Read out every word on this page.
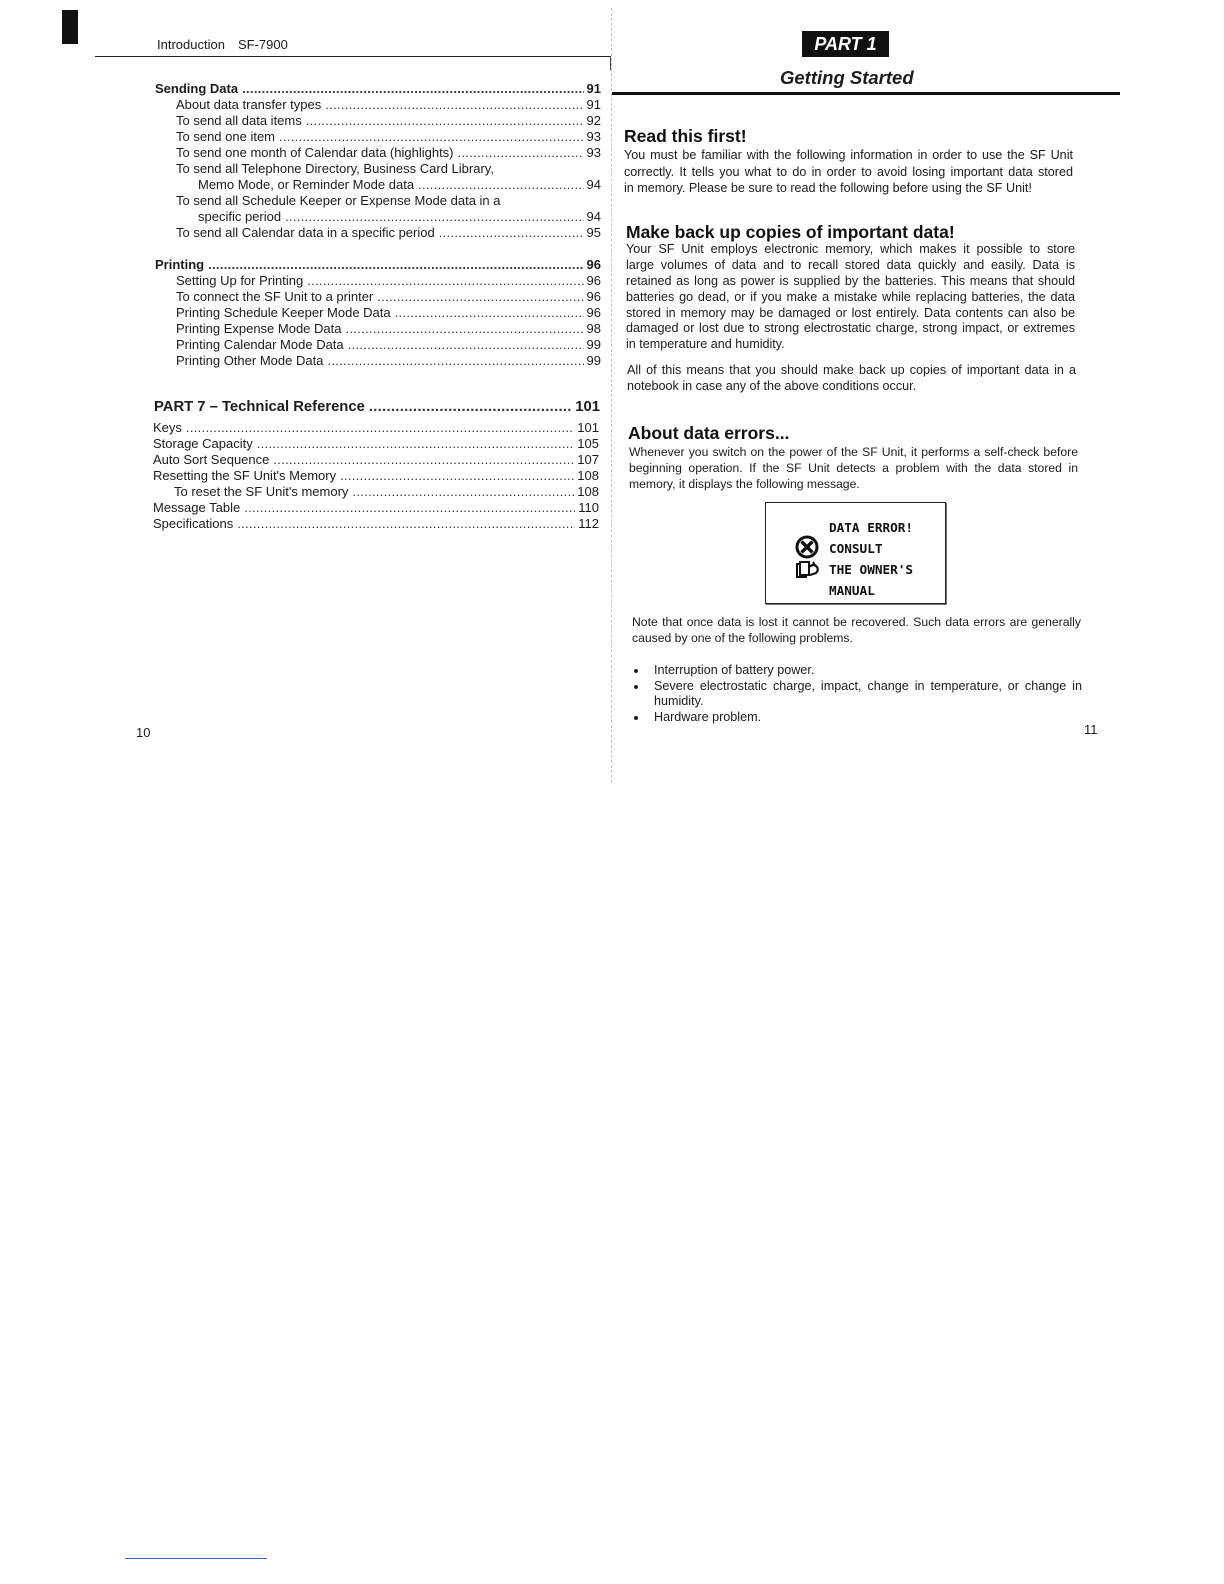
Introduction SF-7900
Sending Data .....	91
About data transfer types .....	91
To send all data items .....	92
To send one item .....	93
To send one month of Calendar data (highlights) .....	93
To send all Telephone Directory, Business Card Library,
Memo Mode, or Reminder Mode data .....	94
To send all Schedule Keeper or Expense Mode data in a
specific period .....	94
To send all Calendar data in a specific period .....	95
Printing .....	96
Setting Up for Printing .....	96
To connect the SF Unit to a printer .....	96
Printing Schedule Keeper Mode Data .....	96
Printing Expense Mode Data .....	98
Printing Calendar Mode Data .....	99
Printing Other Mode Data .....	99
PART 7 – Technical Reference .....	101
Keys .....	101
Storage Capacity .....	105
Auto Sort Sequence .....	107
Resetting the SF Unit's Memory .....	108
To reset the SF Unit's memory .....	108
Message Table .....	110
Specifications .....	112
10
PART 1
Getting Started
Read this first!
You must be familiar with the following information in order to use the SF Unit
correctly. It tells you what to do in order to avoid losing important data stored
in memory. Please be sure to read the following before using the SF Unit!
Make back up copies of important data!
Your SF Unit employs electronic memory, which makes it possible to store
large volumes of data and to recall stored data quickly and easily. Data is
retained as long as power is supplied by the batteries. This means that should
batteries go dead, or if you make a mistake while replacing batteries, the data
stored in memory may be damaged or lost entirely. Data contents can also be
damaged or lost due to strong electrostatic charge, strong impact, or extremes
in temperature and humidity.
All of this means that you should make back up copies of important data in a
notebook in case any of the above conditions occur.
About data errors...
Whenever you switch on the power of the SF Unit, it performs a self-check before
beginning operation. If the SF Unit detects a problem with the data stored in
memory, it displays the following message.
DATA ERROR!
CONSULT
THE OWNER'S
MANUAL
Note that once data is lost it cannot be recovered. Such data errors are generally
caused by one of the following problems.
Interruption of battery power.
Severe electrostatic charge, impact, change in temperature, or change in
humidity.
Hardware problem.
11
